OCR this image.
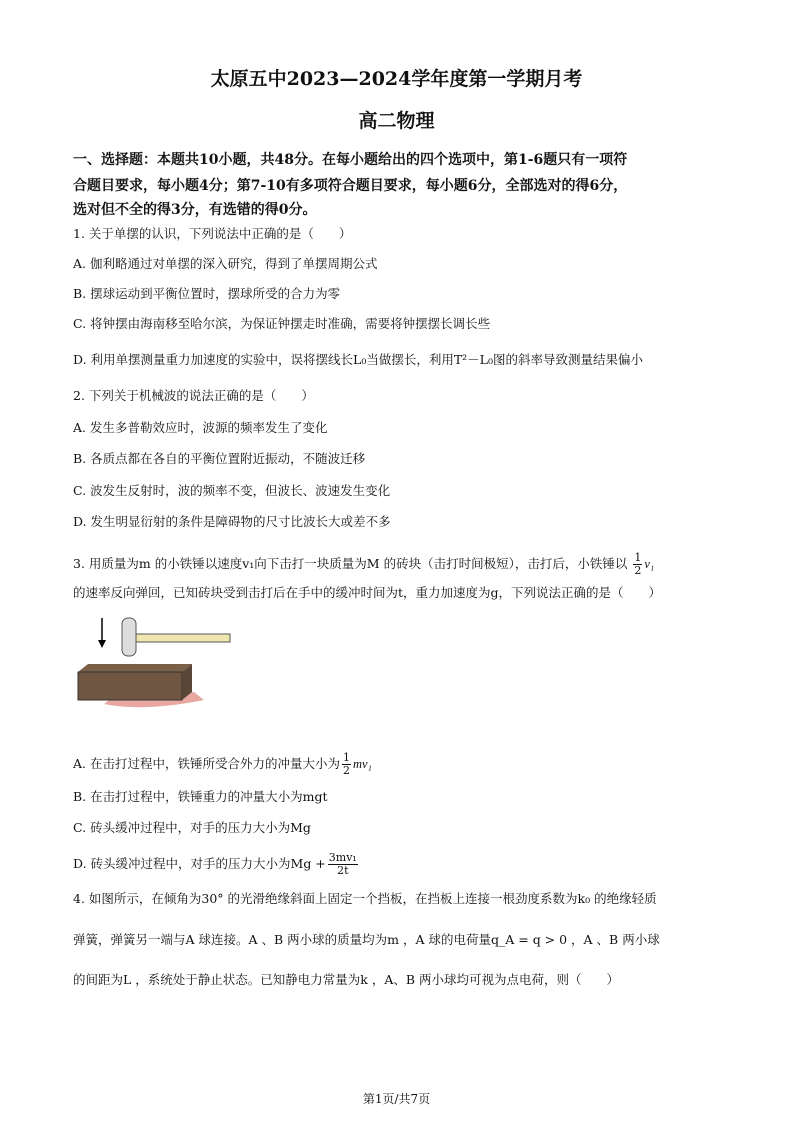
太原五中2023—2024学年度第一学期月考
高二物理
一、选择题：本题共10小题，共48分。在每小题给出的四个选项中，第1-6题只有一项符
合题目要求，每小题4分；第7-10有多项符合题目要求，每小题6分，全部选对的得6分，
选对但不全的得3分，有选错的得0分。
1. 关于单摆的认识，下列说法中正确的是（　　）
A. 伽利略通过对单摆的深入研究，得到了单摆周期公式
B. 摆球运动到平衡位置时，摆球所受的合力为零
C. 将钟摆由海南移至哈尔滨，为保证钟摆走时准确，需要将钟摆摆长调长些
D. 利用单摆测量重力加速度的实验中，误将摆线长L₀当做摆长，利用T²－L₀图的斜率导致测量结果偏小
2. 下列关于机械波的说法正确的是（　　）
A. 发生多普勒效应时，波源的频率发生了变化
B. 各质点都在各自的平衡位置附近振动，不随波迁移
C. 波发生反射时，波的频率不变，但波长、波速发生变化
D. 发生明显衍射的条件是障碍物的尺寸比波长大或差不多
3. 用质量为m 的小铁锤以速度v₁向下击打一块质量为M 的砖块（击打时间极短），击打后，小铁锤以 $\frac{1}{2} v_1$
的速率反向弹回，已知砖块受到击打后在手中的缓冲时间为t，重力加速度为g，下列说法正确的是（　　）
A. 在击打过程中，铁锤所受合外力的冲量大小为 $\frac{1}{2} mv_1$
B. 在击打过程中，铁锤重力的冲量大小为mgt
C. 砖头缓冲过程中，对手的压力大小为Mg
D. 砖头缓冲过程中，对手的压力大小为$Mg + \frac{\text{3mv₁}}{2t}$
4. 如图所示，在倾角为30° 的光滑绝缘斜面上固定一个挡板，在挡板上连接一根劲度系数为k₀ 的绝缘轻质
弹簧，弹簧另一端与A 球连接。A 、B 两小球的质量均为m ，A 球的电荷量q_A = q > 0 ，A 、B 两小球
的间距为L ，系统处于静止状态。已知静电力常量为k ，A、B 两小球均可视为点电荷，则（　　）
第1页/共7页
